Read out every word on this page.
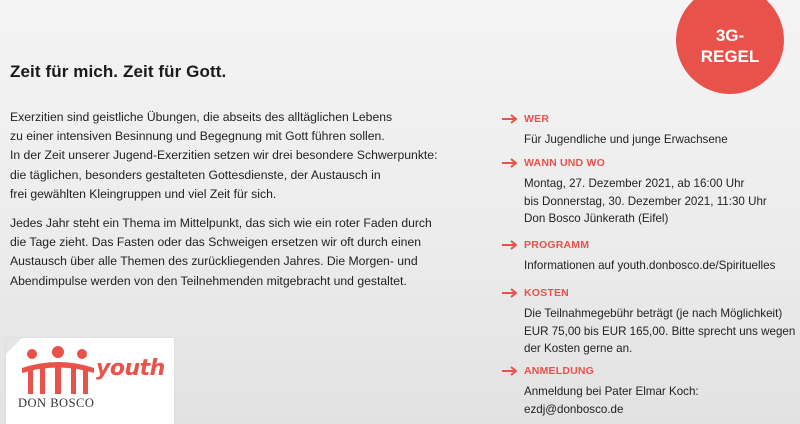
Zeit für mich. Zeit für Gott.

Exerzitien sind geistliche Übungen, die abseits des alltäglichen Lebens
zu einer intensiven Besinnung und Begegnung mit Gott führen sollen.
In der Zeit unserer Jugend-Exerzitien setzen wir drei besondere Schwerpunkte:
die täglichen, besonders gestalteten Gottesdienste, der Austausch in
frei gewählten Kleingruppen und viel Zeit für sich.

Jedes Jahr steht ein Thema im Mittelpunkt, das sich wie ein roter Faden durch
die Tage zieht. Das Fasten oder das Schweigen ersetzen wir oft durch einen
Austausch über alle Themen des zurückliegenden Jahres. Die Morgen- und
Abendimpulse werden von den Teilnehmenden mitgebracht und gestaltet.

3G-
REGEL
WER
Für Jugendliche und junge Erwachsene
WANN UND WO
Montag, 27. Dezember 2021, ab 16:00 Uhr
bis Donnerstag, 30. Dezember 2021, 11:30 Uhr
Don Bosco Jünkerath (Eifel)
PROGRAMM
Informationen auf youth.donbosco.de/Spirituelles
KOSTEN
Die Teilnahmegebühr beträgt (je nach Möglichkeit)
EUR 75,00 bis EUR 165,00. Bitte sprecht uns wegen
der Kosten gerne an.
ANMELDUNG
Anmeldung bei Pater Elmar Koch: ezdj@donbosco.de
youth
DON BOSCO
